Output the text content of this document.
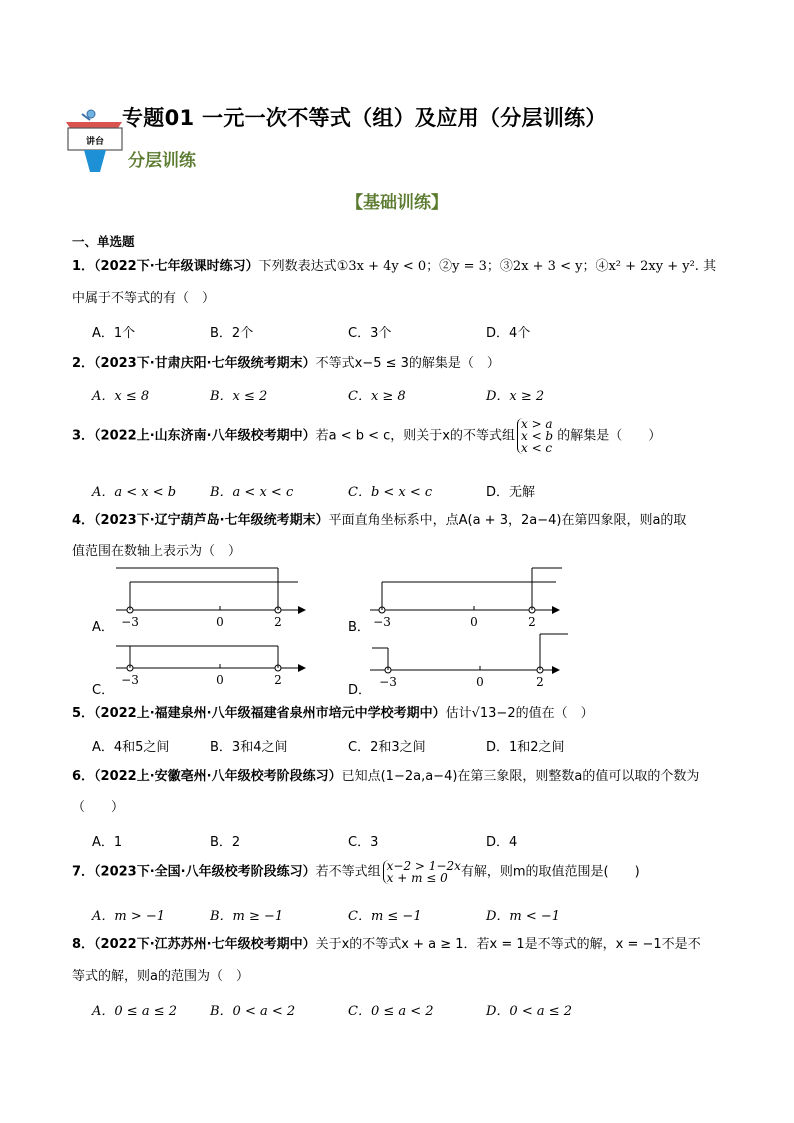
讲台
专题01 一元一次不等式（组）及应用（分层训练）
分层训练
【基础训练】
一、单选题
1．（2022下·七年级课时练习）下列数表达式①3x + 4y < 0；②y = 3；③2x + 3 < y；④x² + 2xy + y². 其
中属于不等式的有（　）
A．1个	B．2个	C．3个	D．4个
2．（2023下·甘肃庆阳·七年级统考期末）不等式x−5 ≤ 3的解集是（　）
A．x ≤ 8	B．x ≤ 2	C．x ≥ 8	D．x ≥ 2
3．（2022上·山东济南·八年级校考期中）若a < b < c，则关于x的不等式组x > a
x < b
x < c 的解集是（　　）
A．a < x < b	B．a < x < c	C．b < x < c	D．无解
4．（2023下·辽宁葫芦岛·七年级统考期末）平面直角坐标系中，点A(a + 3，2a−4)在第四象限，则a的取
值范围在数轴上表示为（　）
A． −3	0	2	B． −3	0	2
C．
−3	0	2
D．
−3	0	2
5．（2022上·福建泉州·八年级福建省泉州市培元中学校考期中）估计√13−2的值在（　）
A．4和5之间	B．3和4之间	C．2和3之间	D．1和2之间
6．（2022上·安徽亳州·八年级校考阶段练习）已知点(1−2a,a−4)在第三象限，则整数a的值可以取的个数为
（　　）
A．1	B．2	C．3	D．4
7．（2023下·全国·八年级校考阶段练习）若不等式组 x−2 > 1−2x
x + m ≤ 0 有解，则m的取值范围是(　　)
A．m > −1	B．m ≥ −1	C．m ≤ −1	D．m < −1
8．（2022下·江苏苏州·七年级校考期中）关于x的不等式x + a ≥ 1．若x = 1是不等式的解，x = −1不是不
等式的解，则a的范围为（　）
A．0 ≤ a ≤ 2	B．0 < a < 2	C．0 ≤ a < 2	D．0 < a ≤ 2
